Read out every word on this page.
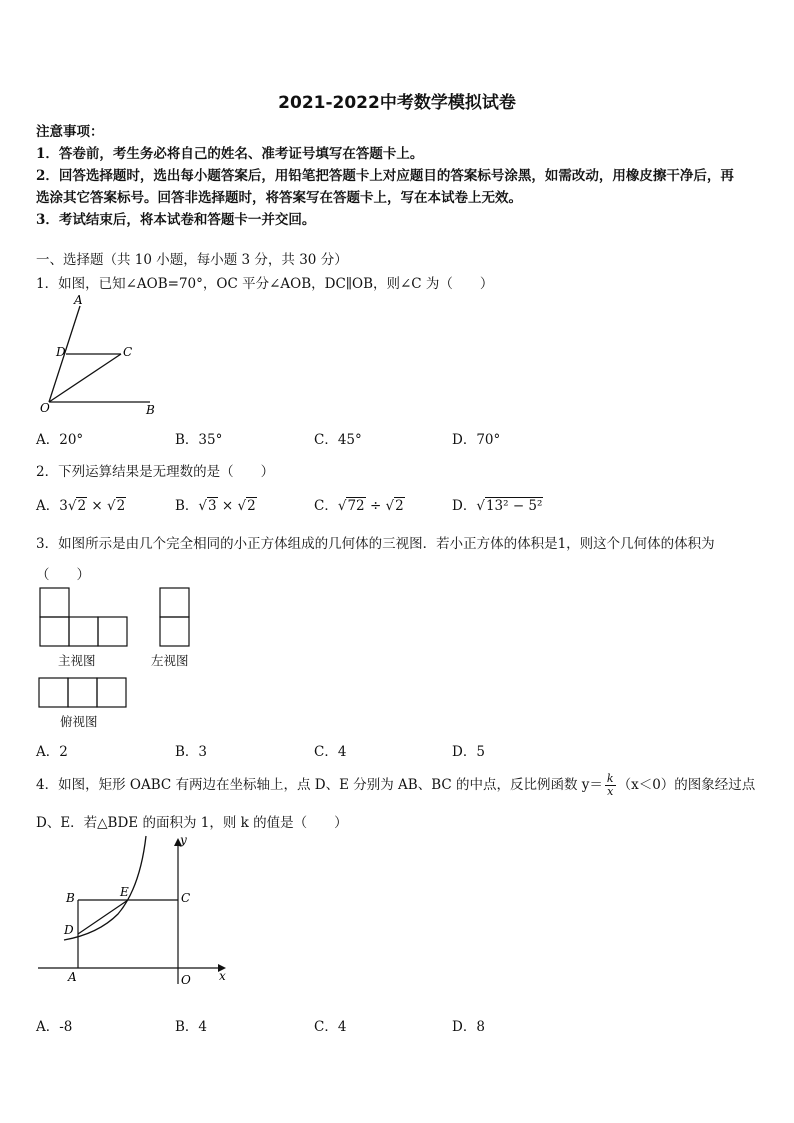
2021-2022中考数学模拟试卷
注意事项：
1．答卷前，考生务必将自己的姓名、准考证号填写在答题卡上。
2．回答选择题时，选出每小题答案后，用铅笔把答题卡上对应题目的答案标号涂黑，如需改动，用橡皮擦干净后，再
选涂其它答案标号。回答非选择题时，将答案写在答题卡上，写在本试卷上无效。
3．考试结束后，将本试卷和答题卡一并交回。
一、选择题（共 10 小题，每小题 3 分，共 30 分）
1．如图，已知∠AOB=70°，OC 平分∠AOB，DC∥OB，则∠C 为（　　）
A
D	C
O	B
A．20°	B．35°	C．45°	D．70°
2．下列运算结果是无理数的是（　　）
A．3√2 × √2	B．√3 × √2	C．√72 ÷ √2	D．√13² − 5²
3．如图所示是由几个完全相同的小正方体组成的几何体的三视图．若小正方体的体积是1，则这个几何体的体积为
（　　）
主视图	左视图
俯视图
A．2	B．3	C．4	D．5
4．如图，矩形 OABC 有两边在坐标轴上，点 D、E 分别为 AB、BC 的中点，反比例函数 $y= \frac{k}{x} (x<0)$的图象经过点
D、E．若△BDE 的面积为 1，则 k 的值是（　　）
y
x
B	E	C
D
A	O
A．-8	B．4	C．4	D．8
